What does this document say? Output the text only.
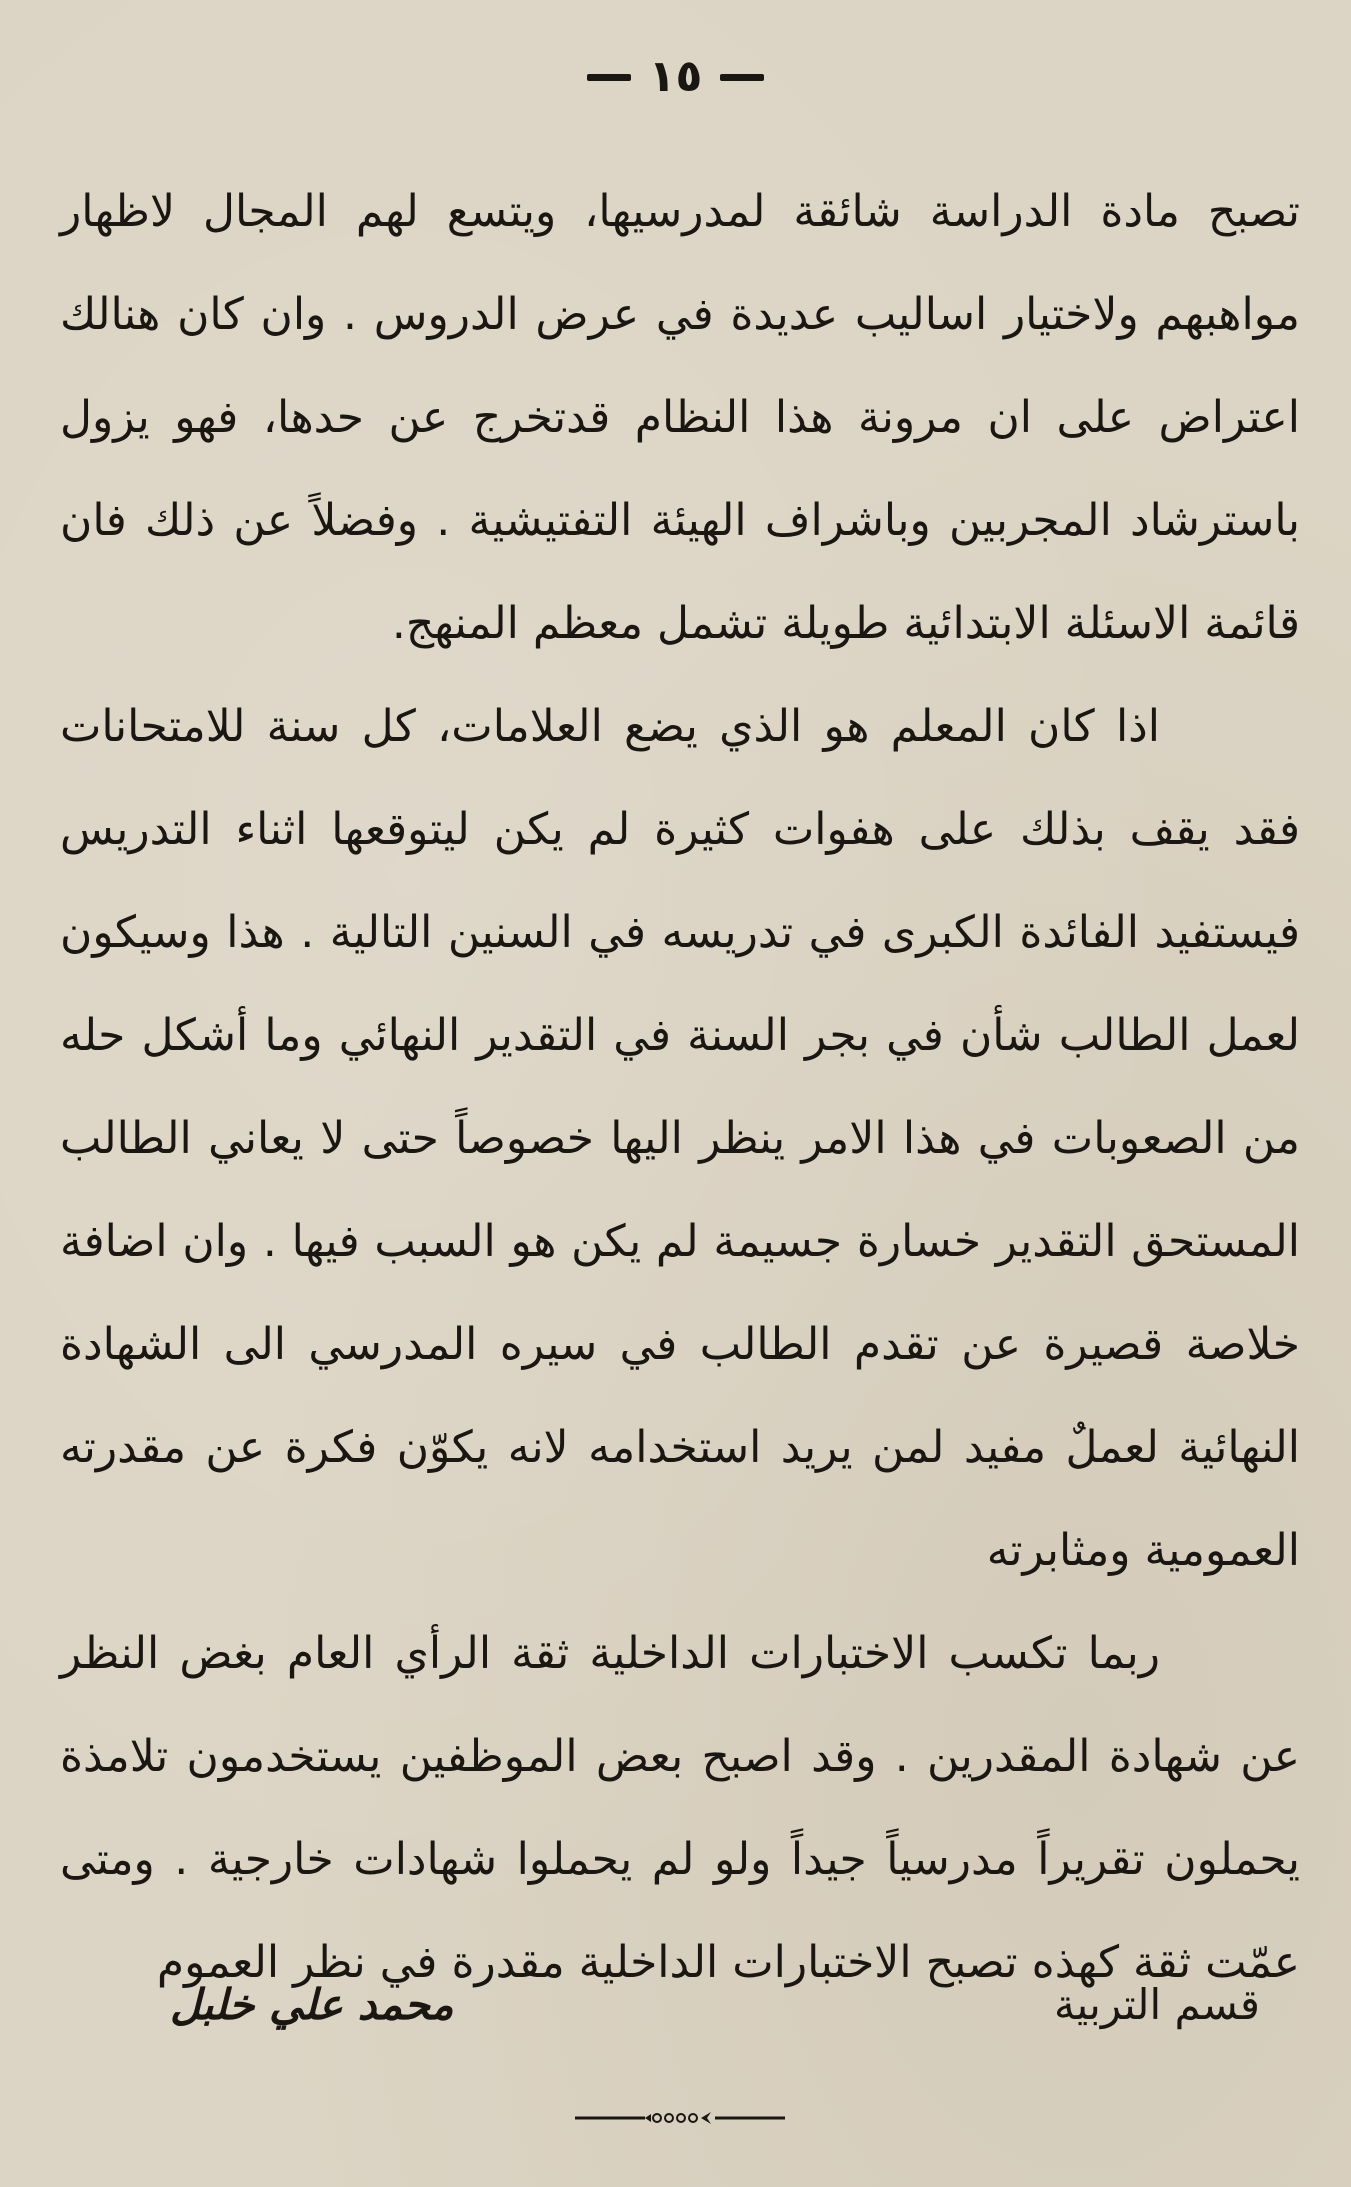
١٥

تصبح مادة الدراسة شائقة لمدرسيها، ويتسع لهم المجال لاظهار مواهبهم ولاختيار اساليب عديدة في عرض الدروس . وان كان هنالك اعتراض على ان مرونة هذا النظام قدتخرج عن حدها، فهو يزول باسترشاد المجربين وباشراف الهيئة التفتيشية . وفضلاً عن ذلك فان قائمة الاسئلة الابتدائية طويلة تشمل معظم المنهج.

اذا كان المعلم هو الذي يضع العلامات، كل سنة للامتحانات فقد يقف بذلك على هفوات كثيرة لم يكن ليتوقعها اثناء التدريس فيستفيد الفائدة الكبرى في تدريسه في السنين التالية . هذا وسيكون لعمل الطالب شأن في بجر السنة في التقدير النهائي وما أشكل حله من الصعوبات في هذا الامر ينظر اليها خصوصاً حتى لا يعاني الطالب المستحق التقدير خسارة جسيمة لم يكن هو السبب فيها . وان اضافة خلاصة قصيرة عن تقدم الطالب في سيره المدرسي الى الشهادة النهائية لعملٌ مفيد لمن يريد استخدامه لانه يكوّن فكرة عن مقدرته العمومية ومثابرته

ربما تكسب الاختبارات الداخلية ثقة الرأي العام بغض النظر عن شهادة المقدرين . وقد اصبح بعض الموظفين يستخدمون تلامذة يحملون تقريراً مدرسياً جيداً ولو لم يحملوا شهادات خارجية . ومتى عمّت ثقة كهذه تصبح الاختبارات الداخلية مقدرة في نظر العموم

قسم التربية
محمد علي خلبل
